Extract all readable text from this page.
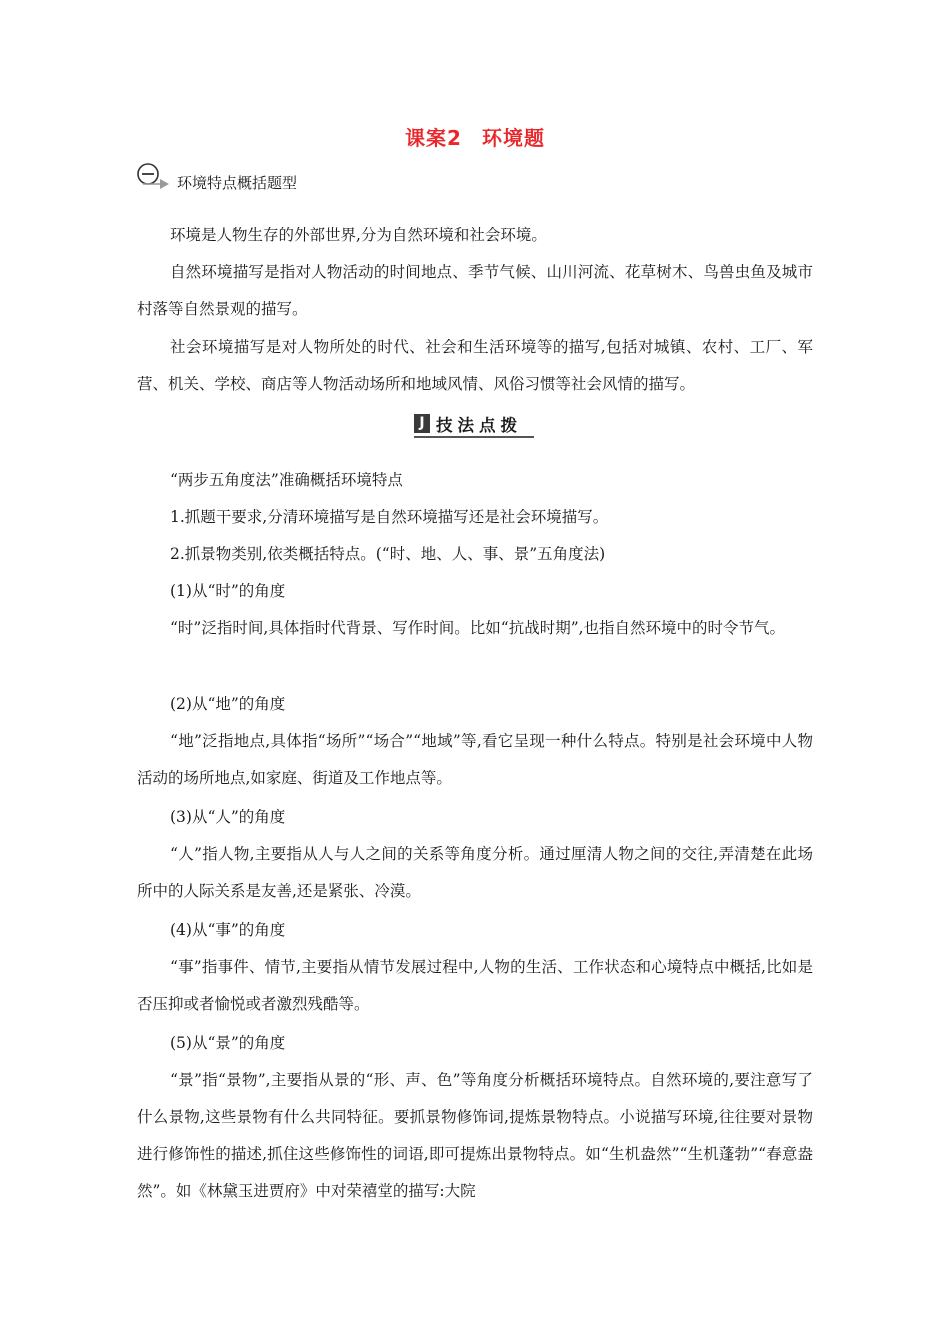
课案2 环境题
环境特点概括题型

环境是人物生存的外部世界,分为自然环境和社会环境。

自然环境描写是指对人物活动的时间地点、季节气候、山川河流、花草树木、鸟兽虫鱼及城市村落等自然景观的描写。

社会环境描写是对人物所处的时代、社会和生活环境等的描写,包括对城镇、农村、工厂、军营、机关、学校、商店等人物活动场所和地域风情、风俗习惯等社会风情的描写。

J 技法点拨

“两步五角度法”准确概括环境特点

1.抓题干要求,分清环境描写是自然环境描写还是社会环境描写。

2.抓景物类别,依类概括特点。(“时、地、人、事、景”五角度法)

(1)从“时”的角度

“时”泛指时间,具体指时代背景、写作时间。比如“抗战时期”,也指自然环境中的时令节气。

(2)从“地”的角度

“地”泛指地点,具体指“场所”“场合”“地域”等,看它呈现一种什么特点。特别是社会环境中人物活动的场所地点,如家庭、街道及工作地点等。

(3)从“人”的角度

“人”指人物,主要指从人与人之间的关系等角度分析。通过厘清人物之间的交往,弄清楚在此场所中的人际关系是友善,还是紧张、冷漠。

(4)从“事”的角度

“事”指事件、情节,主要指从情节发展过程中,人物的生活、工作状态和心境特点中概括,比如是否压抑或者愉悦或者激烈残酷等。

(5)从“景”的角度

“景”指“景物”,主要指从景的“形、声、色”等角度分析概括环境特点。自然环境的,要注意写了什么景物,这些景物有什么共同特征。要抓景物修饰词,提炼景物特点。小说描写环境,往往要对景物进行修饰性的描述,抓住这些修饰性的词语,即可提炼出景物特点。如“生机盎然”“生机蓬勃”“春意盎然”。如《林黛玉进贾府》中对荣禧堂的描写:大院
